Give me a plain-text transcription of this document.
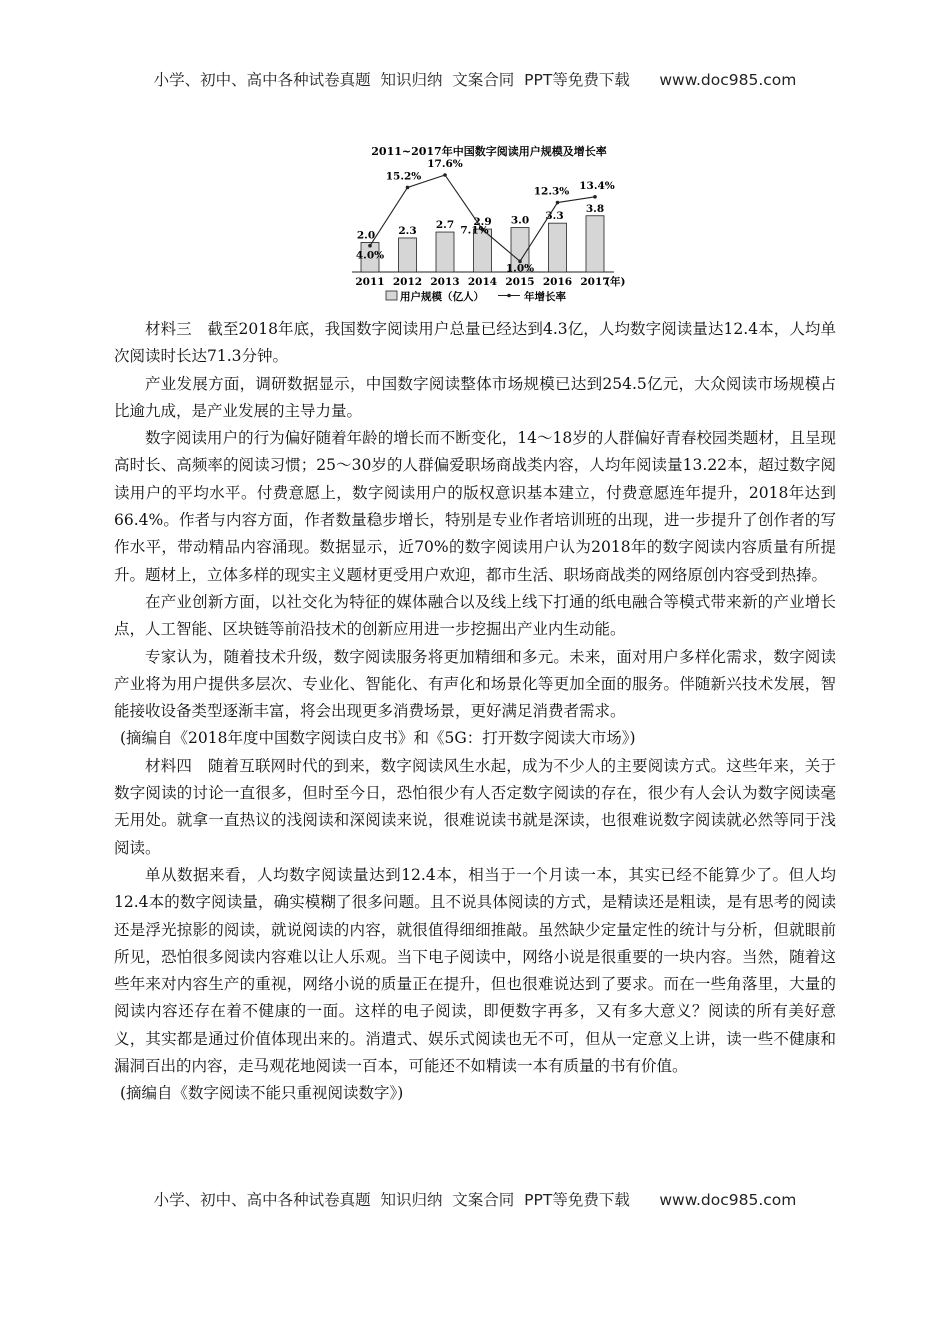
小学、初中、高中各种试卷真题  知识归纳  文案合同  PPT等免费下载      www.doc985.com
2011~2017年中国数字阅读用户规模及增长率
2.0 2.3 2.7 2.9 3.0 3.3
3.8
4.0%
15.2%
17.6%
7.1%
1.0%
12.3% 13.4%
2011 2012 2013 2014 2015 2016 2017
(年)
用户规模（亿人）	年增长率

材料三　截至2018年底，我国数字阅读用户总量已经达到4.3亿，人均数字阅读量达12.4本，人均单次阅读时长达71.3分钟。

产业发展方面，调研数据显示，中国数字阅读整体市场规模已达到254.5亿元，大众阅读市场规模占比逾九成，是产业发展的主导力量。

数字阅读用户的行为偏好随着年龄的增长而不断变化，14～18岁的人群偏好青春校园类题材，且呈现高时长、高频率的阅读习惯；25～30岁的人群偏爱职场商战类内容，人均年阅读量13.22本，超过数字阅读用户的平均水平。付费意愿上，数字阅读用户的版权意识基本建立，付费意愿连年提升，2018年达到66.4%。作者与内容方面，作者数量稳步增长，特别是专业作者培训班的出现，进一步提升了创作者的写作水平，带动精品内容涌现。数据显示，近70%的数字阅读用户认为2018年的数字阅读内容质量有所提升。题材上，立体多样的现实主义题材更受用户欢迎，都市生活、职场商战类的网络原创内容受到热捧。

在产业创新方面，以社交化为特征的媒体融合以及线上线下打通的纸电融合等模式带来新的产业增长点，人工智能、区块链等前沿技术的创新应用进一步挖掘出产业内生动能。

专家认为，随着技术升级，数字阅读服务将更加精细和多元。未来，面对用户多样化需求，数字阅读产业将为用户提供多层次、专业化、智能化、有声化和场景化等更加全面的服务。伴随新兴技术发展，智能接收设备类型逐渐丰富，将会出现更多消费场景，更好满足消费者需求。

(摘编自《2018年度中国数字阅读白皮书》和《5G：打开数字阅读大市场》)

材料四　随着互联网时代的到来，数字阅读风生水起，成为不少人的主要阅读方式。这些年来，关于数字阅读的讨论一直很多，但时至今日，恐怕很少有人否定数字阅读的存在，很少有人会认为数字阅读毫无用处。就拿一直热议的浅阅读和深阅读来说，很难说读书就是深读，也很难说数字阅读就必然等同于浅阅读。

单从数据来看，人均数字阅读量达到12.4本，相当于一个月读一本，其实已经不能算少了。但人均12.4本的数字阅读量，确实模糊了很多问题。且不说具体阅读的方式，是精读还是粗读，是有思考的阅读还是浮光掠影的阅读，就说阅读的内容，就很值得细细推敲。虽然缺少定量定性的统计与分析，但就眼前所见，恐怕很多阅读内容难以让人乐观。当下电子阅读中，网络小说是很重要的一块内容。当然，随着这些年来对内容生产的重视，网络小说的质量正在提升，但也很难说达到了要求。而在一些角落里，大量的阅读内容还存在着不健康的一面。这样的电子阅读，即便数字再多，又有多大意义？阅读的所有美好意义，其实都是通过价值体现出来的。消遣式、娱乐式阅读也无不可，但从一定意义上讲，读一些不健康和漏洞百出的内容，走马观花地阅读一百本，可能还不如精读一本有质量的书有价值。

(摘编自《数字阅读不能只重视阅读数字》)

小学、初中、高中各种试卷真题  知识归纳  文案合同  PPT等免费下载      www.doc985.com
